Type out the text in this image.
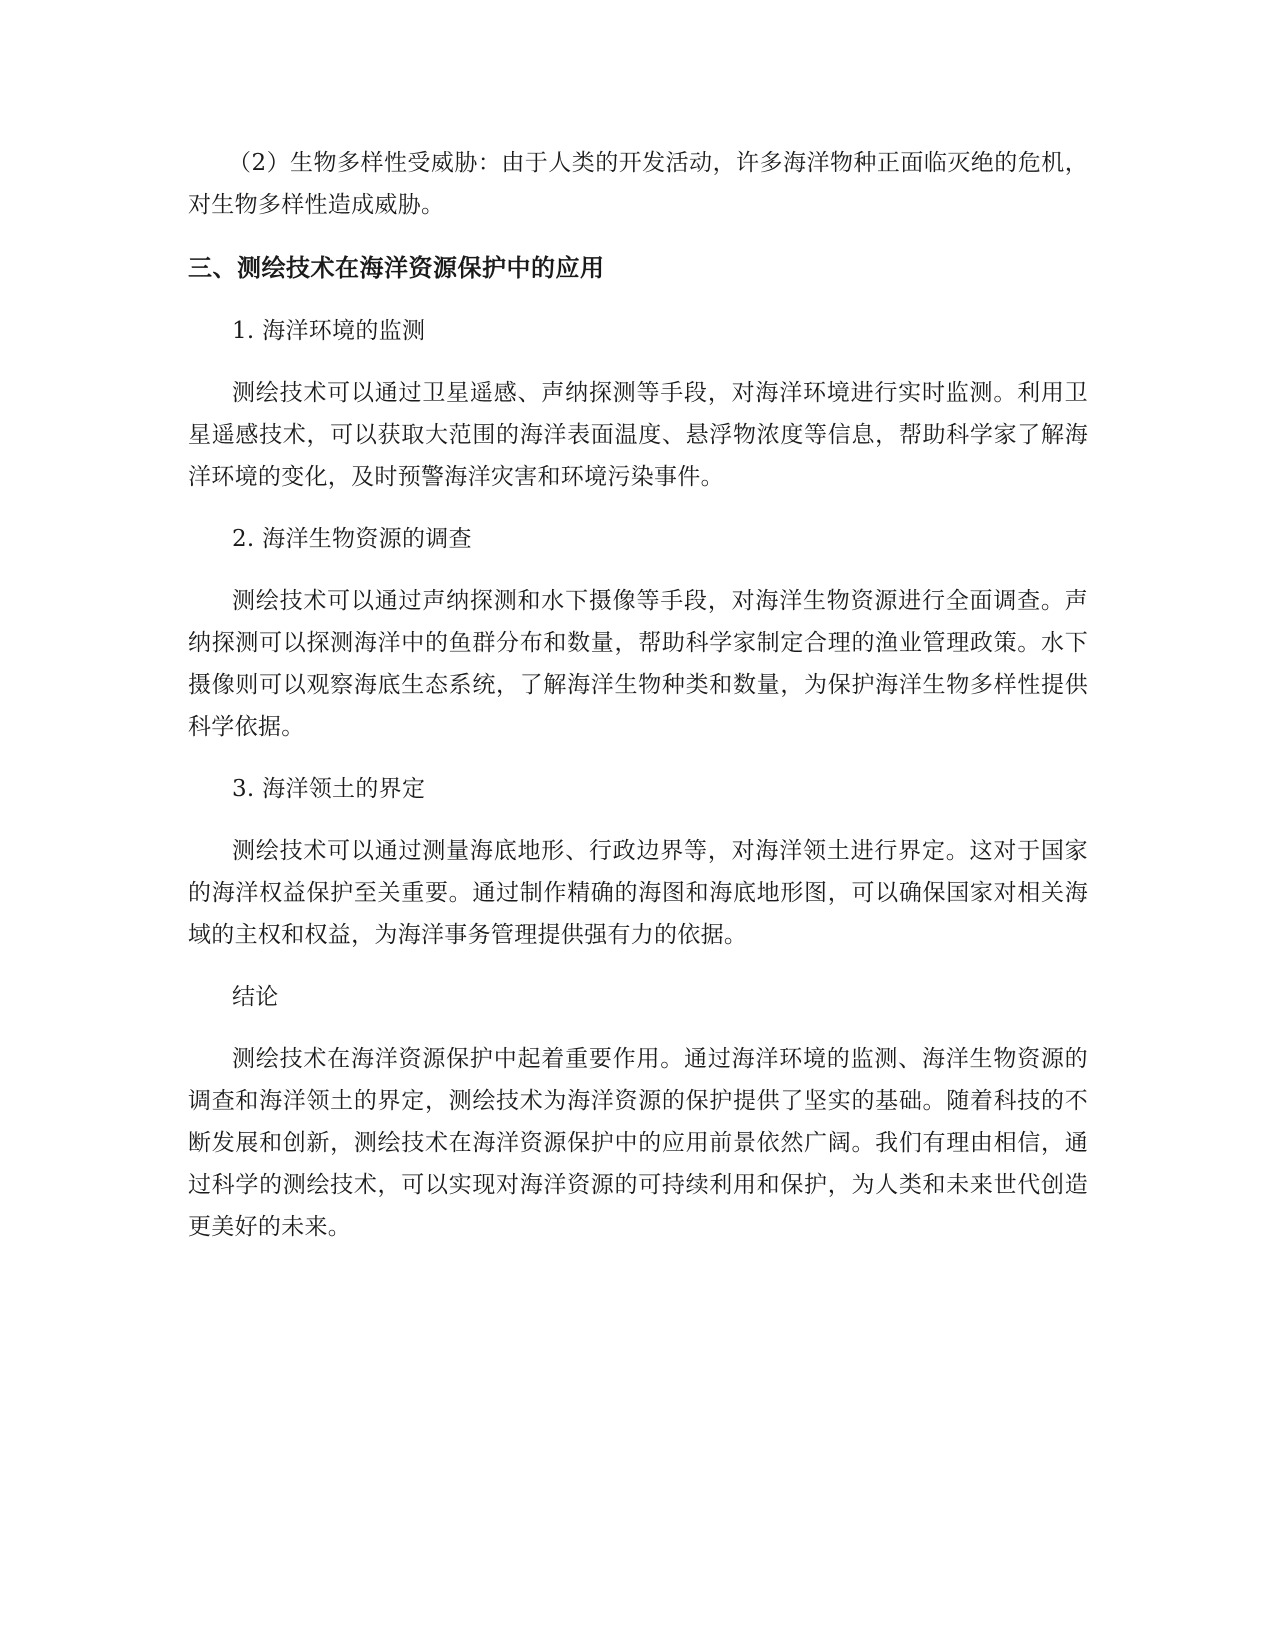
（2）生物多样性受威胁：由于人类的开发活动，许多海洋物种正面临灭绝的危机，对生物多样性造成威胁。

三、测绘技术在海洋资源保护中的应用

1. 海洋环境的监测

测绘技术可以通过卫星遥感、声纳探测等手段，对海洋环境进行实时监测。利用卫星遥感技术，可以获取大范围的海洋表面温度、悬浮物浓度等信息，帮助科学家了解海洋环境的变化，及时预警海洋灾害和环境污染事件。

2. 海洋生物资源的调查

测绘技术可以通过声纳探测和水下摄像等手段，对海洋生物资源进行全面调查。声纳探测可以探测海洋中的鱼群分布和数量，帮助科学家制定合理的渔业管理政策。水下摄像则可以观察海底生态系统，了解海洋生物种类和数量，为保护海洋生物多样性提供科学依据。

3. 海洋领土的界定

测绘技术可以通过测量海底地形、行政边界等，对海洋领土进行界定。这对于国家的海洋权益保护至关重要。通过制作精确的海图和海底地形图，可以确保国家对相关海域的主权和权益，为海洋事务管理提供强有力的依据。

结论

测绘技术在海洋资源保护中起着重要作用。通过海洋环境的监测、海洋生物资源的调查和海洋领土的界定，测绘技术为海洋资源的保护提供了坚实的基础。随着科技的不断发展和创新，测绘技术在海洋资源保护中的应用前景依然广阔。我们有理由相信，通过科学的测绘技术，可以实现对海洋资源的可持续利用和保护，为人类和未来世代创造更美好的未来。
